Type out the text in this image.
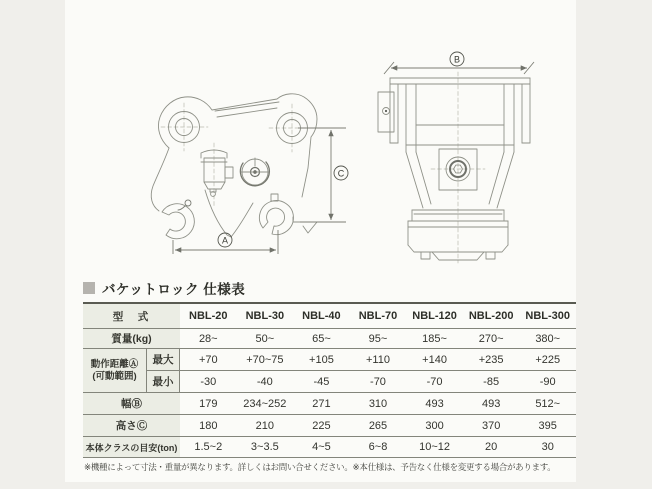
A
C
B
バケットロック 仕様表
型　式	NBL-20	NBL-30	NBL-40	NBL-70	NBL-120	NBL-200	NBL-300
質量(kg)	28~	50~	65~	95~	185~	270~	380~
動作距離Ⓐ
(可動範囲)
最大	+70	+70~75	+105	+110	+140	+235	+225
最小	-30	-40	-45	-70	-70	-85	-90
幅Ⓑ	179	234~252	271	310	493	493	512~
高さⒸ	180	210	225	265	300	370	395
本体クラスの目安(ton)	1.5~2	3~3.5	4~5	6~8	10~12	20	30

※機種によって寸法・重量が異なります。詳しくはお問い合せください。※本仕様は、予告なく仕様を変更する場合があります。
